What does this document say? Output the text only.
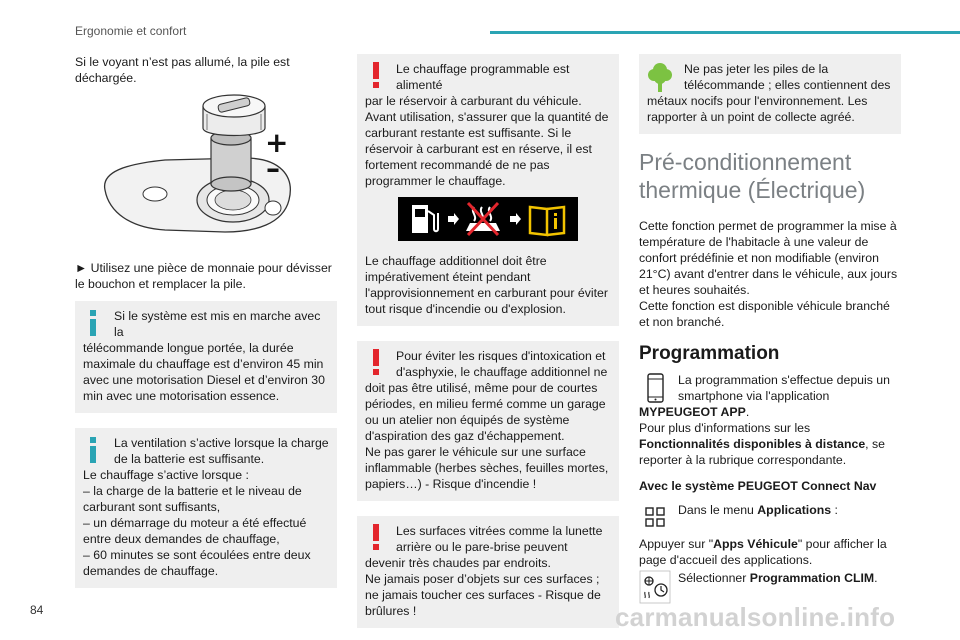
Ergonomie et confort

Si le voyant n’est pas allumé, la pile est déchargée.

+
–

► Utilisez une pièce de monnaie pour dévisser le bouchon et remplacer la pile.

Si le système est mis en marche avec la
télécommande longue portée, la durée maximale du chauffage est d’environ 45 min avec une motorisation Diesel et d’environ 30 min avec une motorisation essence.
La ventilation s’active lorsque la charge
de la batterie est suffisante.

Le chauffage s’active lorsque :

– la charge de la batterie et le niveau de carburant sont suffisants,

– un démarrage du moteur a été effectué entre deux demandes de chauffage,

– 60 minutes se sont écoulées entre deux demandes de chauffage.

Le chauffage programmable est alimenté
par le réservoir à carburant du véhicule.

Avant utilisation, s'assurer que la quantité de carburant restante est suffisante. Si le réservoir à carburant est en réserve, il est fortement recommandé de ne pas programmer le chauffage.

Le chauffage additionnel doit être impérativement éteint pendant l'approvisionnement en carburant pour éviter tout risque d'incendie ou d'explosion.

Pour éviter les risques d'intoxication et
d'asphyxie, le chauffage additionnel ne doit pas être utilisé, même pour de courtes périodes, en milieu fermé comme un garage ou un atelier non équipés de système d'aspiration des gaz d'échappement.

Ne pas garer le véhicule sur une surface inflammable (herbes sèches, feuilles mortes, papiers…) - Risque d'incendie !

Les surfaces vitrées comme la lunette
arrière ou le pare-brise peuvent devenir très chaudes par endroits.

Ne jamais poser d’objets sur ces surfaces ; ne jamais toucher ces surfaces - Risque de brûlures !

Ne pas jeter les piles de la
télécommande ; elles contiennent des métaux nocifs pour l'environnement. Les rapporter à un point de collecte agréé.
Pré-conditionnement thermique (Électrique)

Cette fonction permet de programmer la mise à température de l'habitacle à une valeur de confort prédéfinie et non modifiable (environ 21°C) avant d'entrer dans le véhicule, aux jours et heures souhaités.

Cette fonction est disponible véhicule branché et non branché.

Programmation
La programmation s'effectue depuis un
smartphone via l'application

MYPEUGEOT APP.

Pour plus d'informations sur les Fonctionnalités disponibles à distance, se reporter à la rubrique correspondante.

Avec le système PEUGEOT Connect Nav

Dans le menu Applications :

Appuyer sur "Apps Véhicule" pour afficher la page d'accueil des applications.

Sélectionner Programmation CLIM.

84	carmanualsonline.info
